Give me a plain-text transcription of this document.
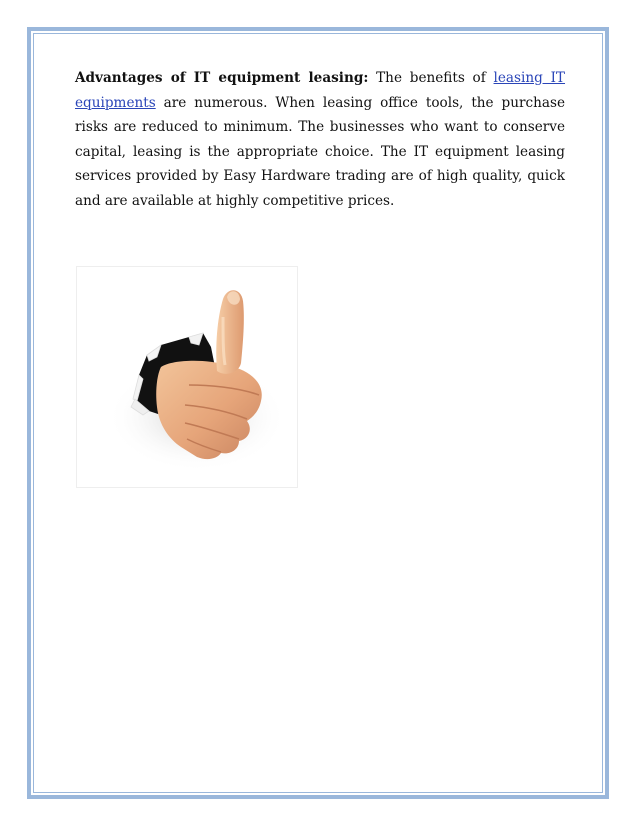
Advantages of IT equipment leasing: The benefits of leasing IT equipments are numerous. When leasing office tools, the purchase risks are reduced to minimum. The businesses who want to conserve capital, leasing is the appropriate choice. The IT equipment leasing services provided by Easy Hardware trading are of high quality, quick and are available at highly competitive prices.
